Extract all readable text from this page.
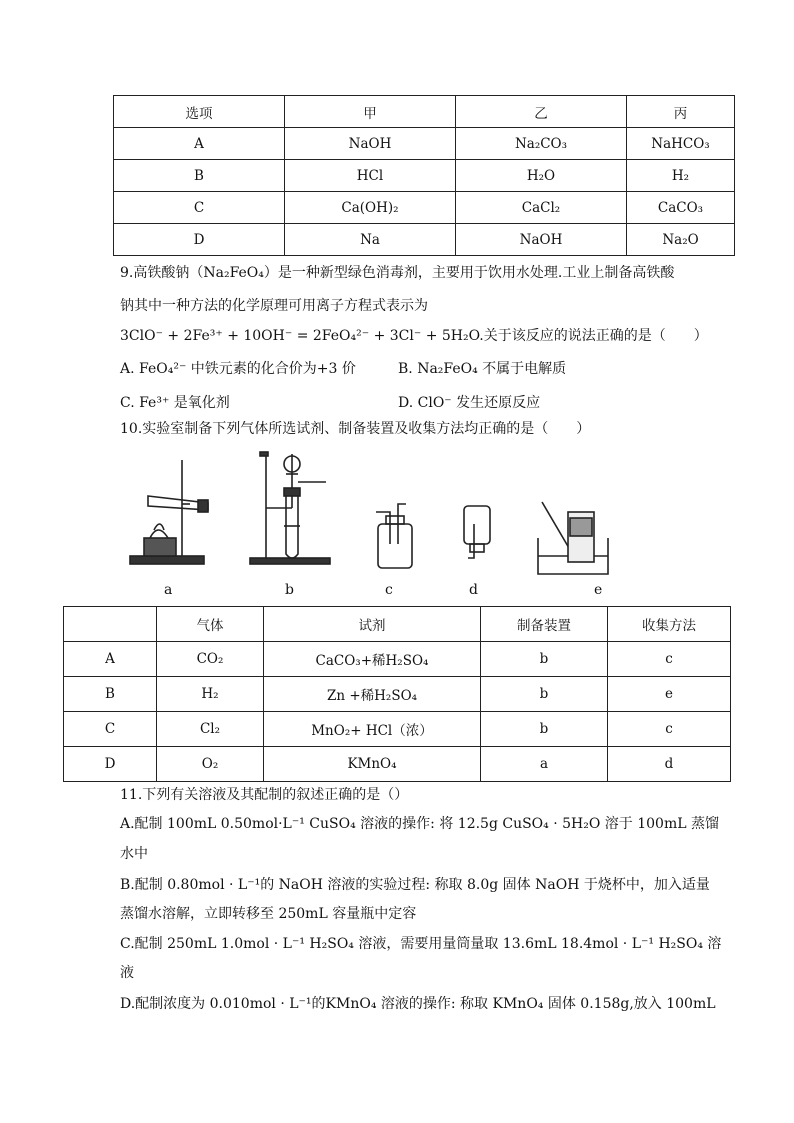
选项	甲	乙	丙
A	NaOH	Na₂CO₃	NaHCO₃
B	HCl	H₂O	H₂
C	Ca(OH)₂	CaCl₂	CaCO₃
D	Na	NaOH	Na₂O
9.高铁酸钠（Na₂FeO₄）是一种新型绿色消毒剂，主要用于饮用水处理.工业上制备高铁酸
钠其中一种方法的化学原理可用离子方程式表示为
3ClO⁻ + 2Fe³⁺ + 10OH⁻ = 2FeO₄²⁻ + 3Cl⁻ + 5H₂O.关于该反应的说法正确的是（　　）
A. FeO₄²⁻ 中铁元素的化合价为+3 价	B. Na₂FeO₄ 不属于电解质
C. Fe³⁺ 是氧化剂	D. ClO⁻ 发生还原反应
10.实验室制备下列气体所选试剂、制备装置及收集方法均正确的是（　　）
a	b	c	d	e
	气体	试剂	制备装置	收集方法
A	CO₂	CaCO₃+稀H₂SO₄	b	c
B	H₂	Zn +稀H₂SO₄	b	e
C	Cl₂	MnO₂+ HCl（浓）	b	c
D	O₂	KMnO₄	a	d
11.下列有关溶液及其配制的叙述正确的是（）
A.配制 100mL 0.50mol·L⁻¹ CuSO₄ 溶液的操作: 将 12.5g CuSO₄ · 5H₂O 溶于 100mL 蒸馏
水中
B.配制 0.80mol · L⁻¹的 NaOH 溶液的实验过程: 称取 8.0g 固体 NaOH 于烧杯中，加入适量
蒸馏水溶解，立即转移至 250mL 容量瓶中定容
C.配制 250mL 1.0mol · L⁻¹ H₂SO₄ 溶液，需要用量筒量取 13.6mL 18.4mol · L⁻¹ H₂SO₄ 溶
液
D.配制浓度为 0.010mol · L⁻¹的KMnO₄ 溶液的操作: 称取 KMnO₄ 固体 0.158g,放入 100mL
